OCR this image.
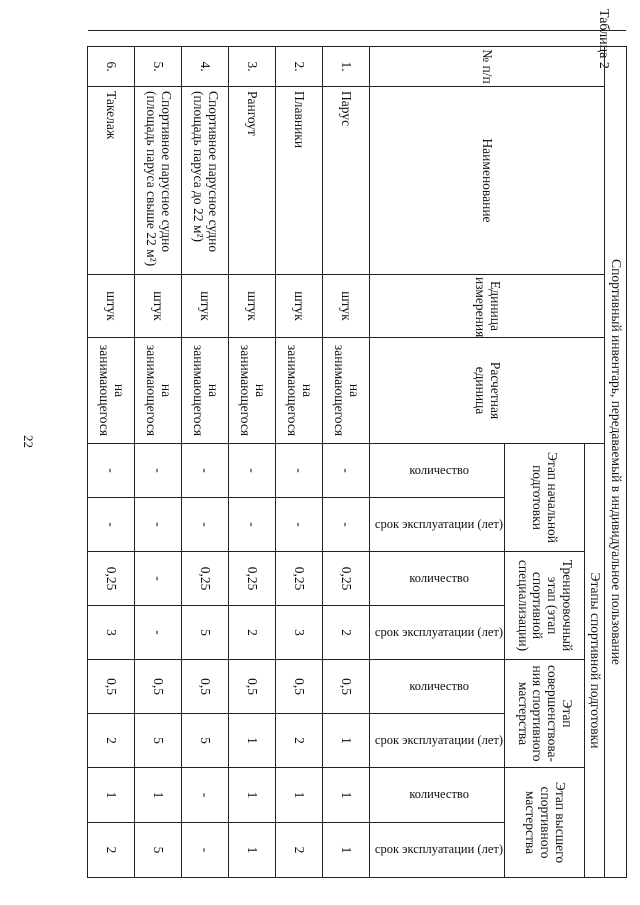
22
Таблица 2
	Спортивный инвентарь, передаваемый в индивидуальное пользование											
	№ п/п	Наименование	Единица измерения	Расчетная единица	Этапы спортивной подготовки							
					Этап начальной подготовки		Тренировочный этап (этап спортивной специализации)		Этап совершенствова-ния спортивного мастерства		Этап высшего спортивного мастерства	
					количество	срок эксплуатации (лет)	количество	срок эксплуатации (лет)	количество	срок эксплуатации (лет)	количество	срок эксплуатации (лет)
	1.	Парус	штук	на занимающегося	-	-	0,25	2	0,5	1	1	1
	2.	Плавники	штук	на занимающегося	-	-	0,25	3	0,5	2	1	2
	3.	Рангоут	штук	на занимающегося	-	-	0,25	2	0,5	1	1	1
	4.	Спортивное парусное судно (площадь паруса до 22 м²)	штук	на занимающегося	-	-	0,25	5	0,5	5	-	-
	5.	Спортивное парусное судно (площадь паруса свыше 22 м²)	штук	на занимающегося	-	-	-	-	0,5	5	1	5
	6.	Такелаж	штук	на занимающегося	-	-	0,25	3	0,5	2	1	2
